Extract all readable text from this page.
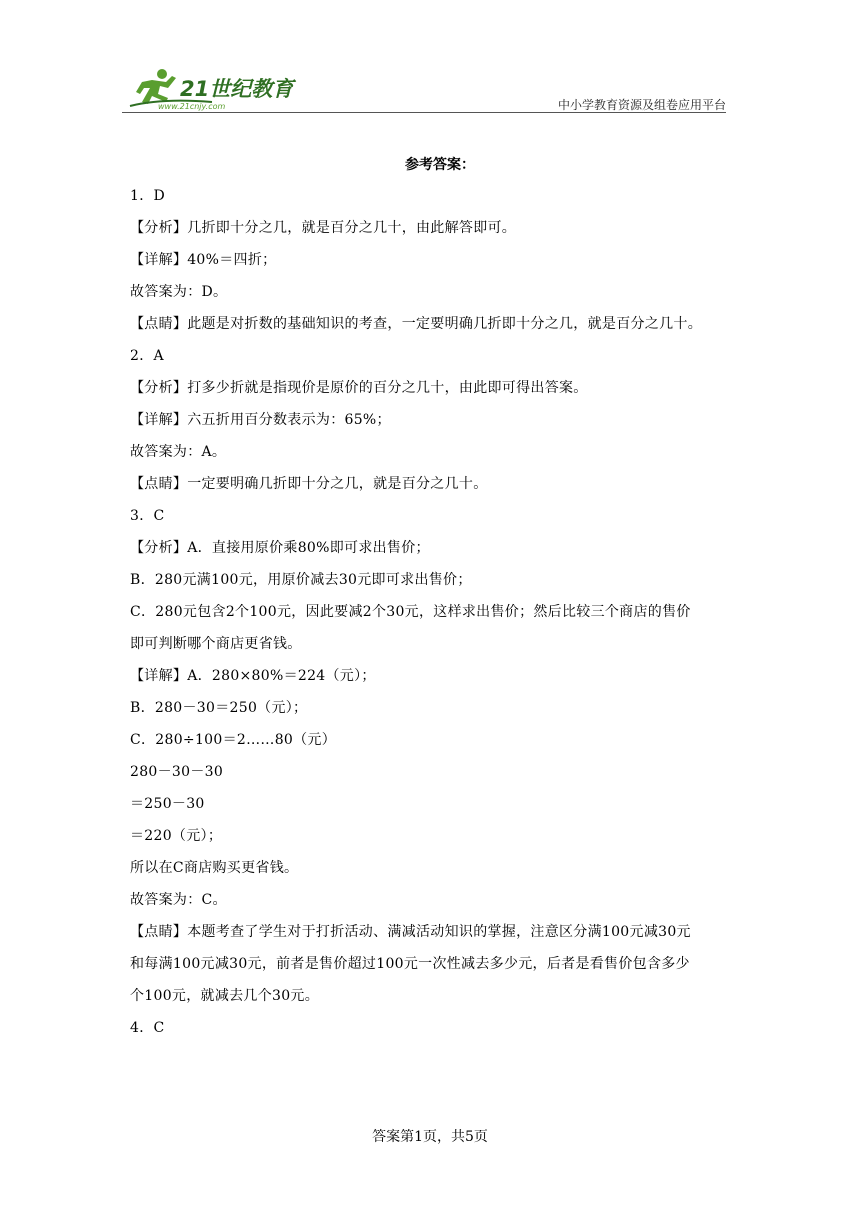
21世纪教育
www.21cnjy.com	中小学教育资源及组卷应用平台
参考答案：
1．D
【分析】几折即十分之几，就是百分之几十，由此解答即可。
【详解】40%＝四折；
故答案为：D。
【点睛】此题是对折数的基础知识的考查，一定要明确几折即十分之几，就是百分之几十。
2．A
【分析】打多少折就是指现价是原价的百分之几十，由此即可得出答案。
【详解】六五折用百分数表示为：65%；
故答案为：A。
【点睛】一定要明确几折即十分之几，就是百分之几十。
3．C
【分析】A．直接用原价乘80%即可求出售价；
B．280元满100元，用原价减去30元即可求出售价；
C．280元包含2个100元，因此要减2个30元，这样求出售价；然后比较三个商店的售价
即可判断哪个商店更省钱。
【详解】A．280×80%＝224（元）；
B．280－30＝250（元）；
C．280÷100＝2……80（元）
280－30－30
＝250－30
＝220（元）；
所以在C商店购买更省钱。
故答案为：C。
【点睛】本题考查了学生对于打折活动、满减活动知识的掌握，注意区分满100元减30元
和每满100元减30元，前者是售价超过100元一次性减去多少元，后者是看售价包含多少
个100元，就减去几个30元。
4．C
答案第1页，共5页
